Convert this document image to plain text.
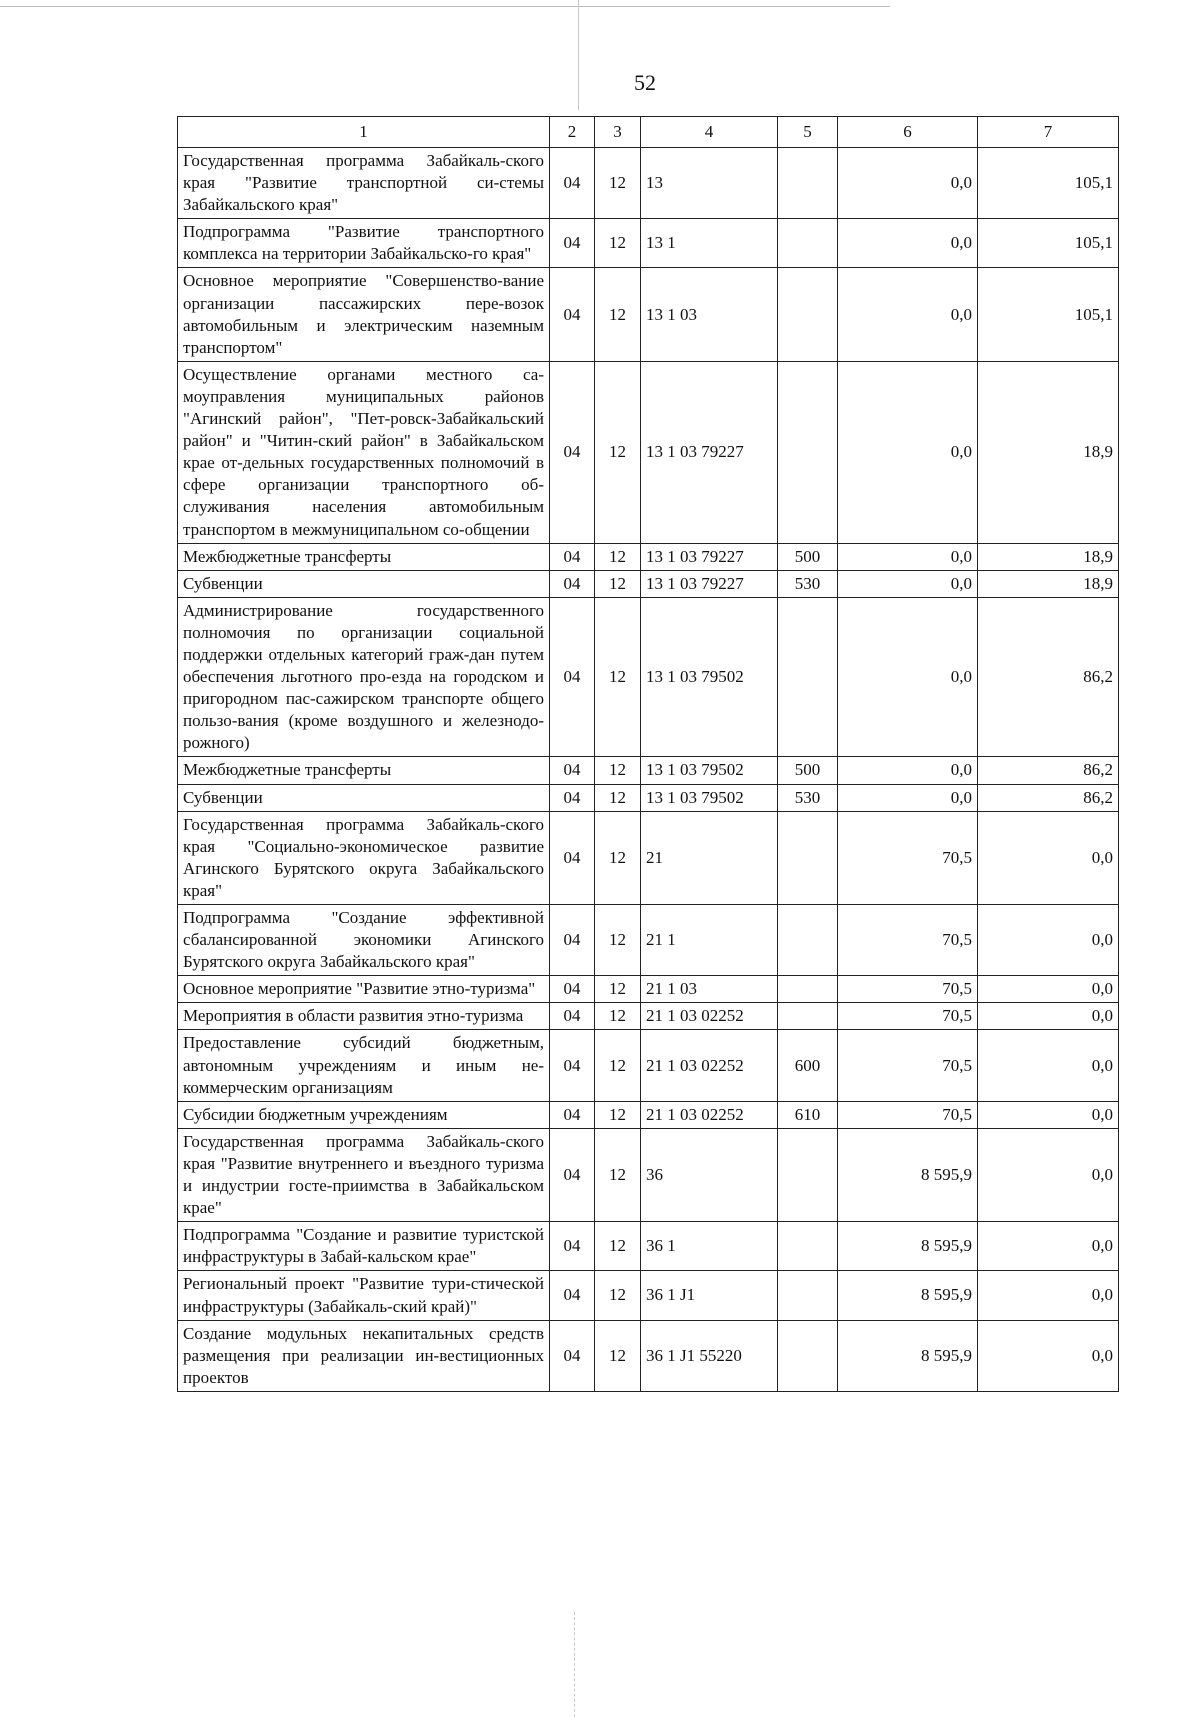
52
1	2	3	4	5	6	7
Государственная программа Забайкаль-ского края "Развитие транспортной си-стемы Забайкальского края"	04	12	13		0,0	105,1
Подпрограмма "Развитие транспортного комплекса на территории Забайкальско-го края"	04	12	13 1		0,0	105,1
Основное мероприятие "Совершенство-вание организации пассажирских пере-возок автомобильным и электрическим наземным транспортом"	04	12	13 1 03		0,0	105,1
Осуществление органами местного са-моуправления муниципальных районов "Агинский район", "Пет-ровск-Забайкальский район" и "Читин-ский район" в Забайкальском крае от-дельных государственных полномочий в сфере организации транспортного об-служивания населения автомобильным транспортом в межмуниципальном со-общении	04	12	13 1 03 79227		0,0	18,9
Межбюджетные трансферты	04	12	13 1 03 79227	500	0,0	18,9
Субвенции	04	12	13 1 03 79227	530	0,0	18,9
Администрирование государственного полномочия по организации социальной поддержки отдельных категорий граж-дан путем обеспечения льготного про-езда на городском и пригородном пас-сажирском транспорте общего пользо-вания (кроме воздушного и железнодо-рожного)	04	12	13 1 03 79502		0,0	86,2
Межбюджетные трансферты	04	12	13 1 03 79502	500	0,0	86,2
Субвенции	04	12	13 1 03 79502	530	0,0	86,2
Государственная программа Забайкаль-ского края "Социально-экономическое развитие Агинского Бурятского округа Забайкальского края"	04	12	21		70,5	0,0
Подпрограмма "Создание эффективной сбалансированной экономики Агинского Бурятского округа Забайкальского края"	04	12	21 1		70,5	0,0
Основное мероприятие "Развитие этно-туризма"	04	12	21 1 03		70,5	0,0
Мероприятия в области развития этно-туризма	04	12	21 1 03 02252		70,5	0,0
Предоставление субсидий бюджетным, автономным учреждениям и иным не-коммерческим организациям	04	12	21 1 03 02252	600	70,5	0,0
Субсидии бюджетным учреждениям	04	12	21 1 03 02252	610	70,5	0,0
Государственная программа Забайкаль-ского края "Развитие внутреннего и въездного туризма и индустрии госте-приимства в Забайкальском крае"	04	12	36		8 595,9	0,0
Подпрограмма "Создание и развитие туристской инфраструктуры в Забай-кальском крае"	04	12	36 1		8 595,9	0,0
Региональный проект "Развитие тури-стической инфраструктуры (Забайкаль-ский край)"	04	12	36 1 J1		8 595,9	0,0
Создание модульных некапитальных средств размещения при реализации ин-вестиционных проектов	04	12	36 1 J1 55220		8 595,9	0,0
